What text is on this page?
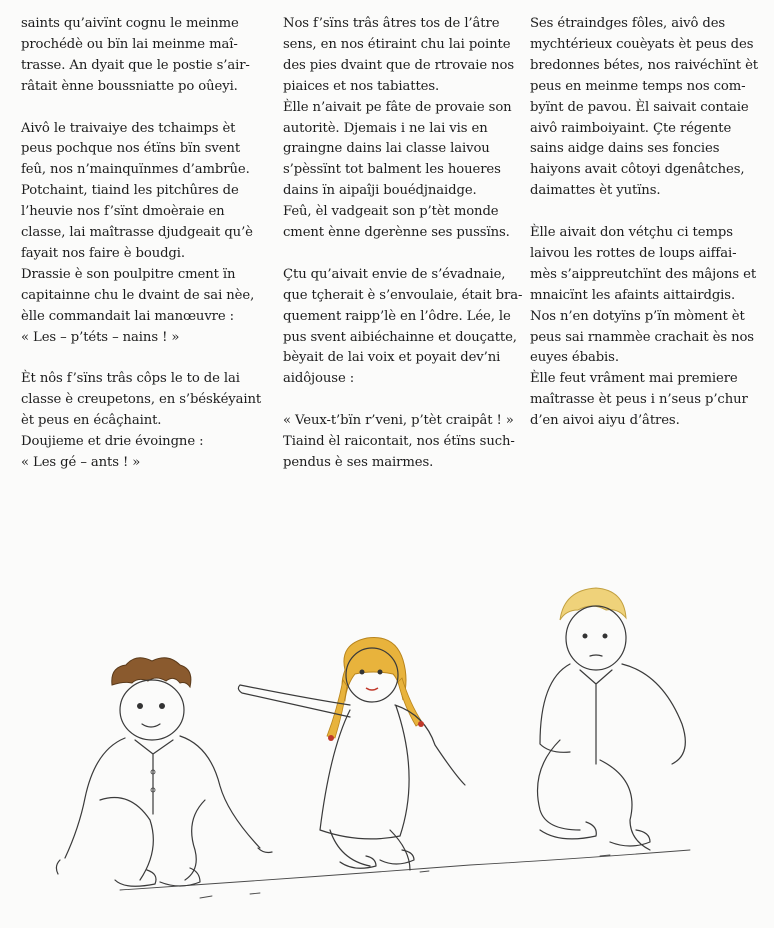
saints qu’aivïnt cognu le meinme

prochédè ou bïn lai meinme maî-

trasse. An dyait que le postie s’air-

râtait ènne boussniatte po oûeyi.

Aivô le traivaiye des tchaimps èt

peus pochque nos étïns bïn svent

feû, nos n’mainquïnmes d’ambrûe.

Potchaint, tiaind les pitchûres de

l’heuvie nos f’sïnt dmoèraie en

classe, lai maîtrasse djudgeait qu’è

fayait nos faire è boudgi.

Drassie è son poulpitre cment ïn

capitainne chu le dvaint de sai nèe,

èlle commandait lai manœuvre :

« Les – p’téts – nains ! »

Èt nôs f’sïns trâs côps le to de lai

classe è creupetons, en s’béskéyaint

èt peus en écâçhaint.

Doujieme et drie évoingne :

« Les gé – ants ! »

Nos f’sïns trâs âtres tos de l’âtre

sens, en nos étiraint chu lai pointe

des pies dvaint que de rtrovaie nos

piaices et nos tabiattes.

Èlle n’aivait pe fâte de provaie son

autoritè. Djemais i ne lai vis en

graingne dains lai classe laivou

s’pèssïnt tot balment les houeres

dains ïn aipaîji bouédjnaidge.

Feû, èl vadgeait son p’tèt monde

cment ènne dgerènne ses pussïns.

Çtu qu’aivait envie de s’évadnaie,

que tçherait è s’envoulaie, était bra-

quement raipp’lè en l’ôdre. Lée, le

pus svent aibiéchainne et douçatte,

bèyait de lai voix et poyait dev’ni

aidôjouse :

« Veux-t’bïn r’veni, p’tèt craipât ! »

Tiaind èl raicontait, nos étïns such-

pendus è ses mairmes.

Ses étraindges fôles, aivô des

mychtérieux couèyats èt peus des

bredonnes bétes, nos raivéchïnt èt

peus en meinme temps nos com-

byïnt de pavou. Èl saivait contaie

aivô raimboiyaint. Çte régente

sains aidge dains ses foncies

haiyons avait côtoyi dgenâtches,

daimattes èt yutïns.

Èlle aivait don vétçhu ci temps

laivou les rottes de loups aiffai-

mès s’aippreutchïnt des mâjons et

mnaicïnt les afaints aittairdgis.

Nos n’en dotyïns p’ïn mòment èt

peus sai rnammèe crachait ès nos

euyes ébabis.

Èlle feut vrâment mai premiere

maîtrasse èt peus i n’seus p’chur

d’en aivoi aiyu d’âtres.
